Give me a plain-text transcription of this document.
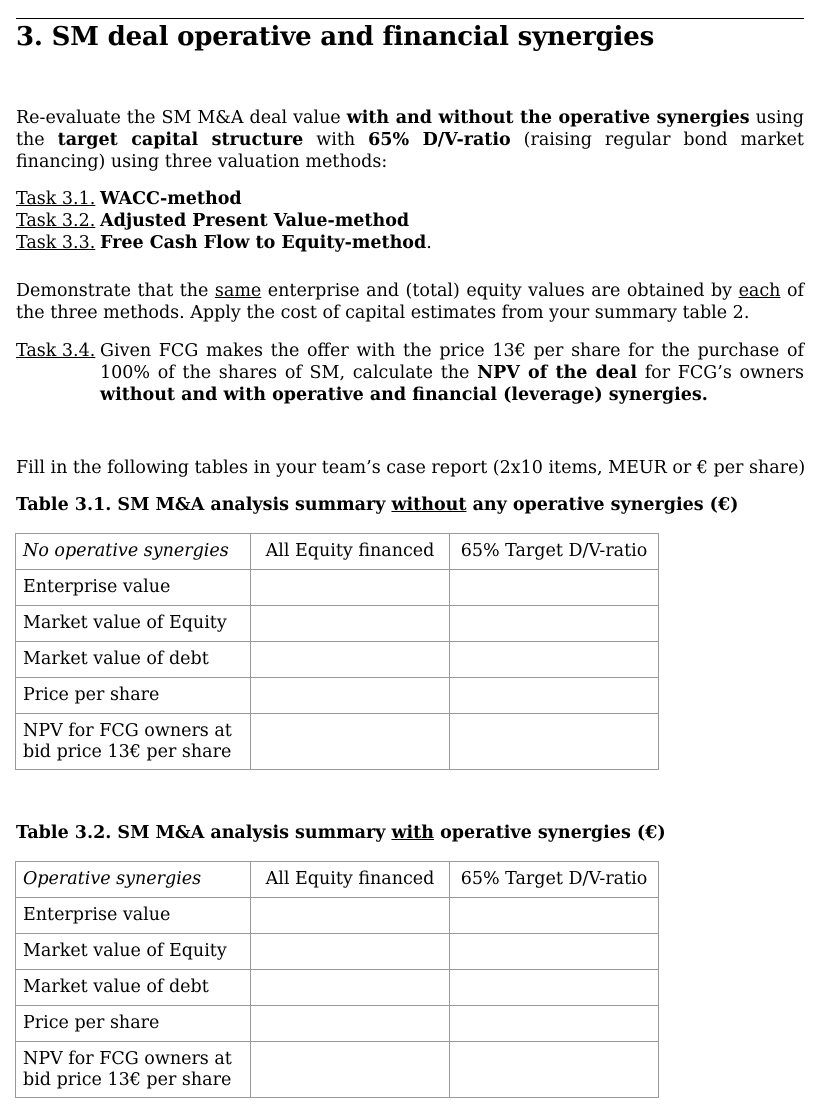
3. SM deal operative and financial synergies

Re-evaluate the SM M&A deal value with and without the operative synergies using the target capital structure with 65% D/V-ratio (raising regular bond market financing) using three valuation methods:

Task 3.1. WACC-method
Task 3.2. Adjusted Present Value-method
Task 3.3. Free Cash Flow to Equity-method.

Demonstrate that the same enterprise and (total) equity values are obtained by each of the three methods. Apply the cost of capital estimates from your summary table 2.

Task 3.4. Given FCG makes the offer with the price 13€ per share for the purchase of 100% of the shares of SM, calculate the NPV of the deal for FCG’s owners without and with operative and financial (leverage) synergies.
Fill in the following tables in your team’s case report (2x10 items, MEUR or € per share)
Table 3.1. SM M&A analysis summary without any operative synergies (€)
No operative synergies	All Equity financed	65% Target D/V-ratio
Enterprise value		
Market value of Equity		
Market value of debt		
Price per share		
NPV for FCG owners at bid price 13€ per share		
Table 3.2. SM M&A analysis summary with operative synergies (€)
Operative synergies	All Equity financed	65% Target D/V-ratio
Enterprise value		
Market value of Equity		
Market value of debt		
Price per share		
NPV for FCG owners at bid price 13€ per share		
